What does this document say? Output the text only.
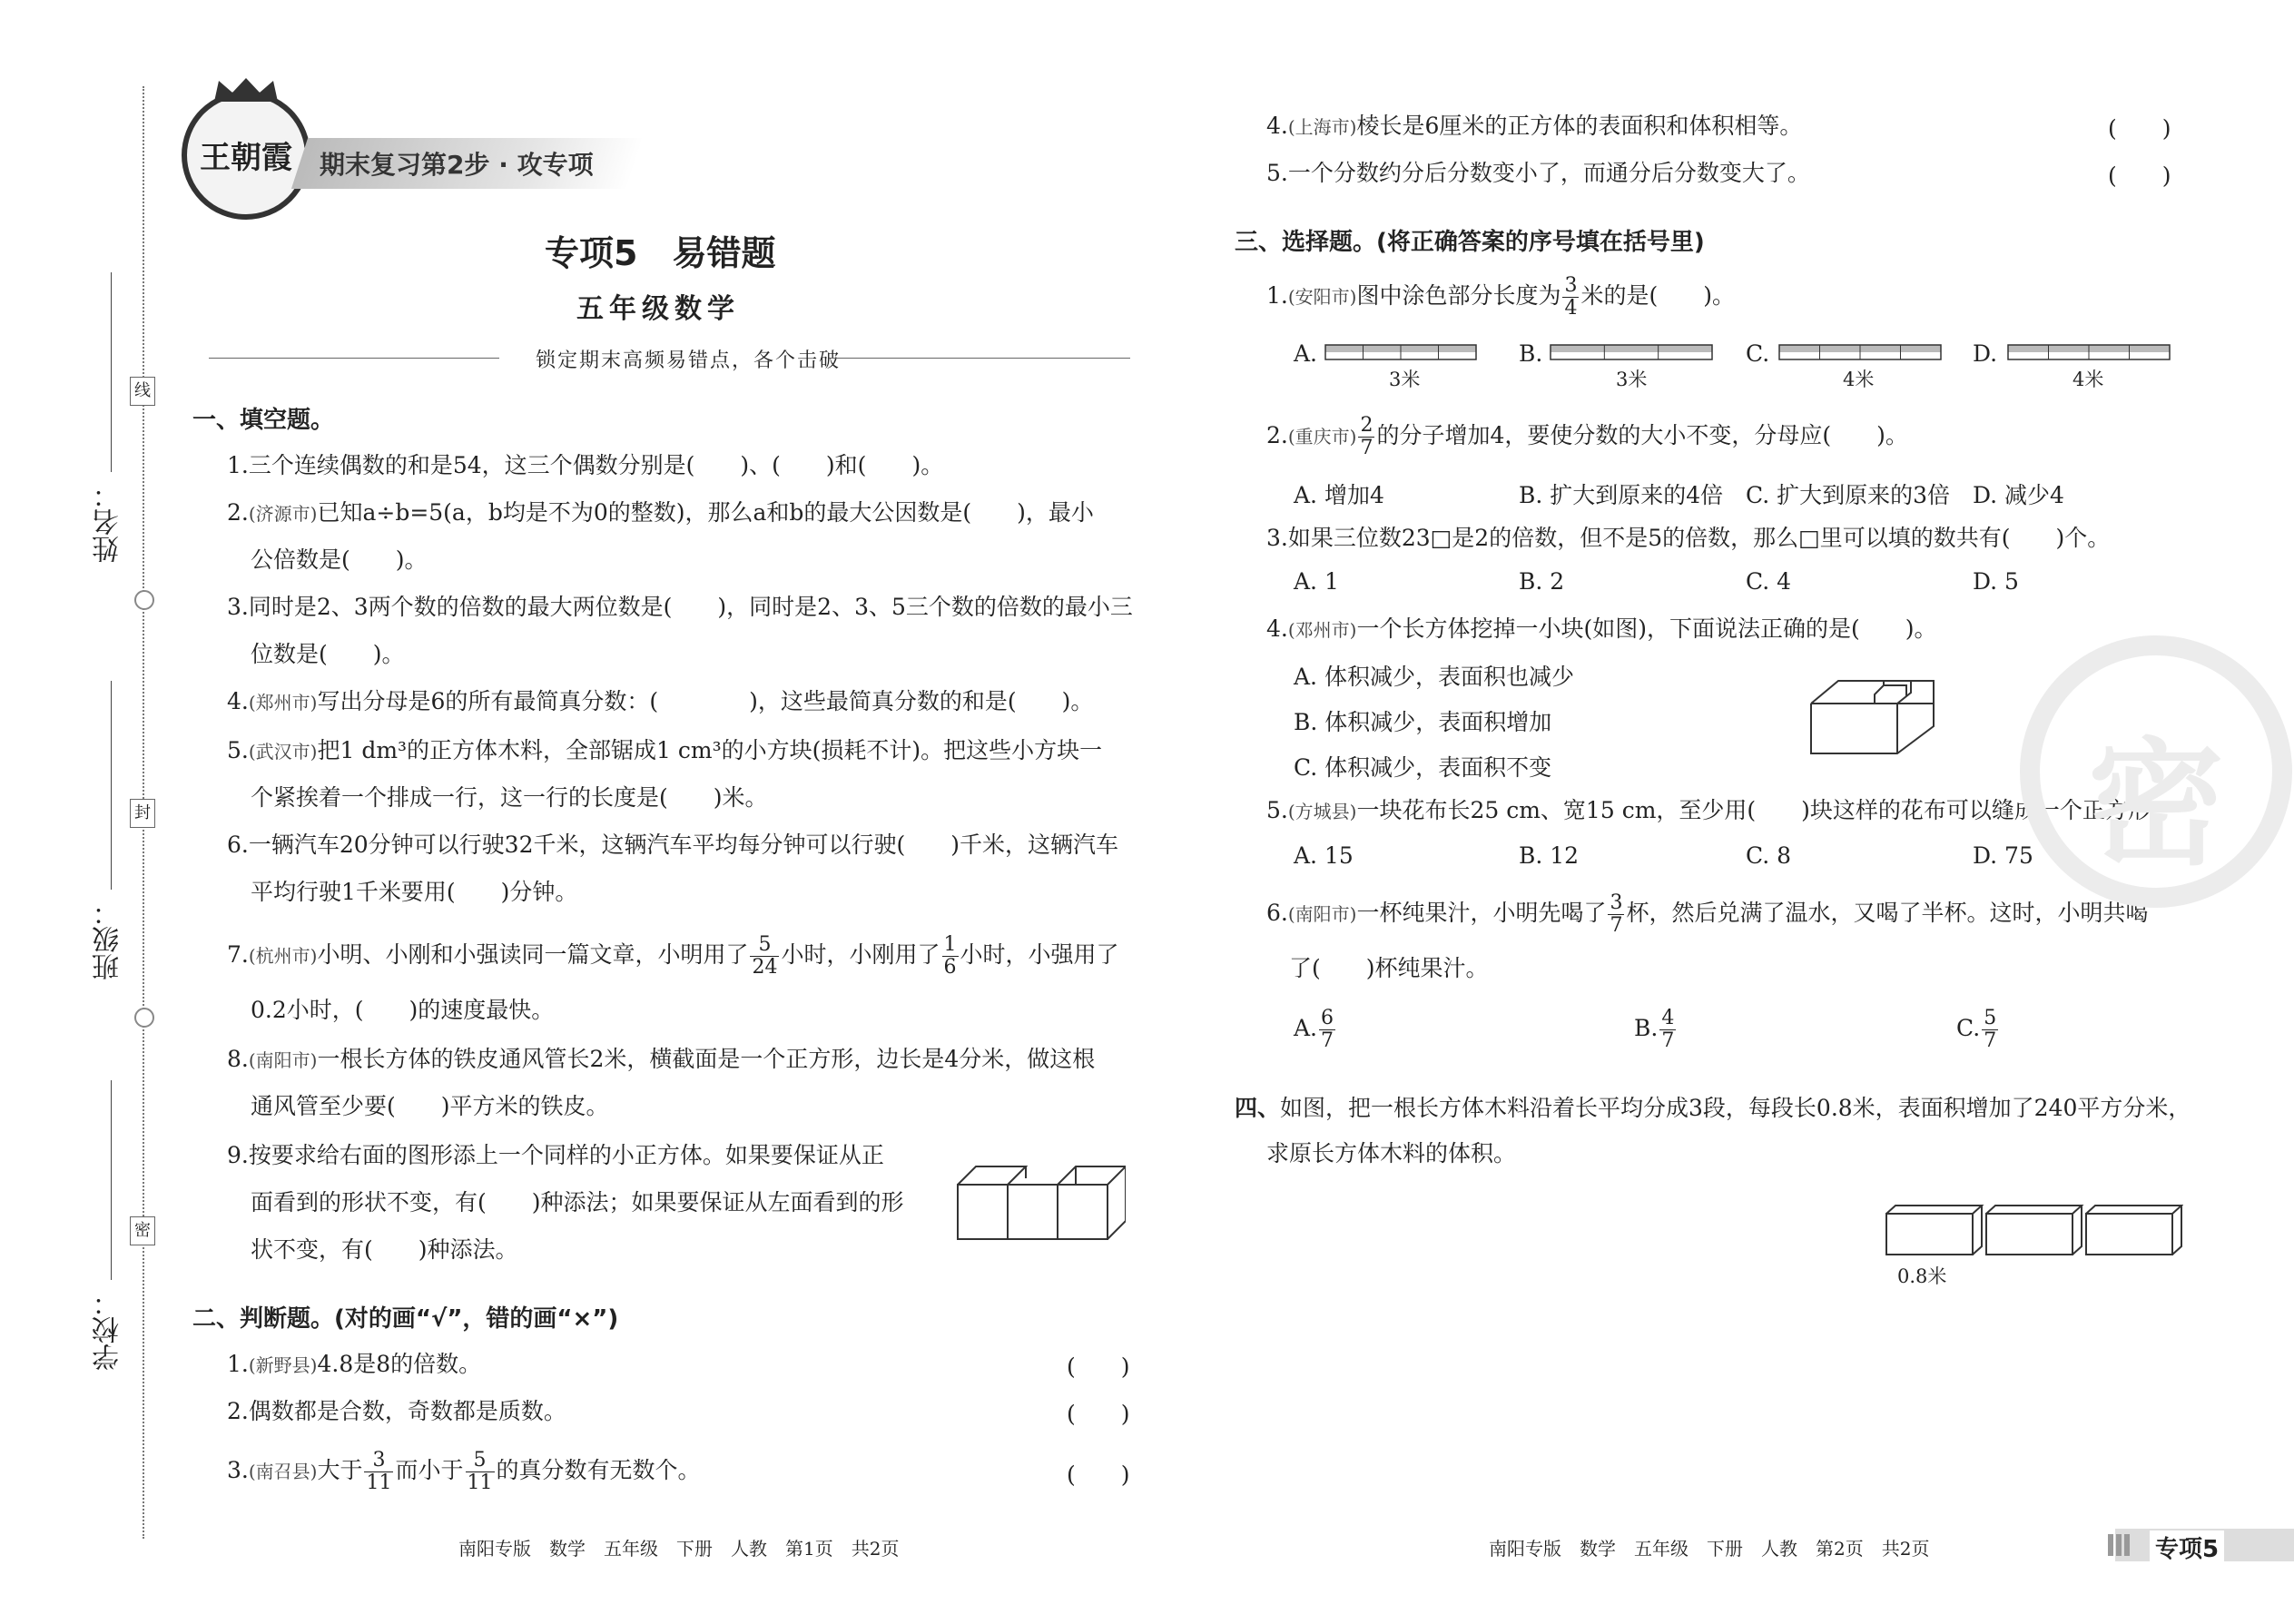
姓名：
班级：
学校：
线
封
密
王朝霞	期末复习第2步 · 攻专项
专项5　易错题
五年级数学
锁定期末高频易错点，各个击破
一、填空题。
1.三个连续偶数的和是54，这三个偶数分别是(　　)、(　　)和(　　)。
2.(济源市)已知a÷b=5(a，b均是不为0的整数)，那么a和b的最大公因数是(　　)，最小
公倍数是(　　)。
3.同时是2、3两个数的倍数的最大两位数是(　　)，同时是2、3、5三个数的倍数的最小三
位数是(　　)。
4.(郑州市)写出分母是6的所有最简真分数：(　　　　)，这些最简真分数的和是(　　)。
5.(武汉市)把1 dm³的正方体木料，全部锯成1 cm³的小方块(损耗不计)。把这些小方块一
个紧挨着一个排成一行，这一行的长度是(　　)米。
6.一辆汽车20分钟可以行驶32千米，这辆汽车平均每分钟可以行驶(　　)千米，这辆汽车
平均行驶1千米要用(　　)分钟。
7.(杭州市)小明、小刚和小强读同一篇文章，小明用了 $\frac{5}{24}$ 小时，小刚用了 $\frac{1}{6}$ 小时，小强用了
0.2小时，(　　)的速度最快。
8.(南阳市)一根长方体的铁皮通风管长2米，横截面是一个正方形，边长是4分米，做这根
通风管至少要(　　)平方米的铁皮。
9.按要求给右面的图形添上一个同样的小正方体。如果要保证从正
面看到的形状不变，有(　　)种添法；如果要保证从左面看到的形
状不变，有(　　)种添法。
二、判断题。(对的画“√”，错的画“×”)
1.(新野县)4.8是8的倍数。	(　　)
2.偶数都是合数，奇数都是质数。	(　　)
3.(南召县)大于 $\frac{3}{11}$ 而小于 $\frac{5}{11}$ 的真分数有无数个。	(　　)
4.(上海市)棱长是6厘米的正方体的表面积和体积相等。	(　　)
5.一个分数约分后分数变小了，而通分后分数变大了。	(　　)
三、选择题。(将正确答案的序号填在括号里)
1.(安阳市)图中涂色部分长度为 $\frac{3}{4}$ 米的是(　　)。
A.
3米
B.
3米
C.
4米
D.
4米
2.(重庆市) $\frac{2}{7}$ 的分子增加4，要使分数的大小不变，分母应(　　)。
A. 增加4	B. 扩大到原来的4倍 C. 扩大到原来的3倍 D. 减少4
3.如果三位数23□是2的倍数，但不是5的倍数，那么□里可以填的数共有(　　)个。
A. 1	B. 2	C. 4	D. 5
4.(邓州市)一个长方体挖掉一小块(如图)，下面说法正确的是(　　)。
A. 体积减少，表面积也减少
B. 体积减少，表面积增加
C. 体积减少，表面积不变
5.(方城县)一块花布长25 cm、宽15 cm，至少用(　　)块这样的花布可以缝成一个正方形。
A. 15	B. 12	C. 8	D. 75
6.(南阳市)一杯纯果汁，小明先喝了 $\frac{3}{7}$ 杯，然后兑满了温水，又喝了半杯。这时，小明共喝
了(　　)杯纯果汁。
A. $\frac{6}{7}$	B. $\frac{4}{7}$	C. $\frac{5}{7}$
四、如图，把一根长方体木料沿着长平均分成3段，每段长0.8米，表面积增加了240平方分米，
求原长方体木料的体积。
0.8米
密
南阳专版　数学　五年级　下册　人教　第1页　共2页	南阳专版　数学　五年级　下册　人教　第2页　共2页	专项5
